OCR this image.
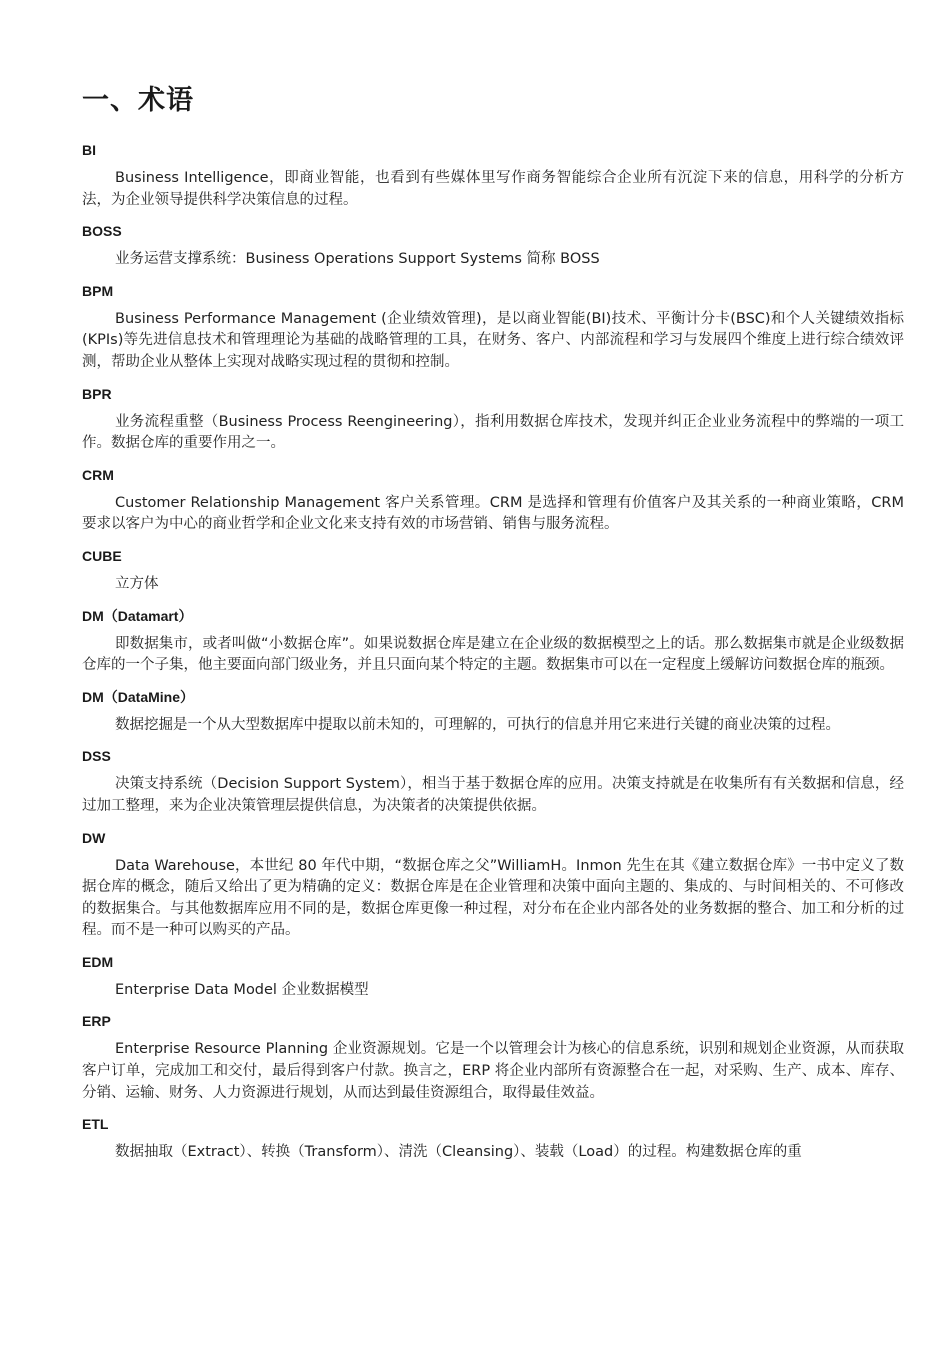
一、术语

BI

Business Intelligence，即商业智能，也看到有些媒体里写作商务智能综合企业所有沉淀下来的信息，用科学的分析方法，为企业领导提供科学决策信息的过程。

BOSS

业务运营支撑系统：Business Operations Support Systems 简称 BOSS

BPM

Business Performance Management (企业绩效管理)，是以商业智能(BI)技术、平衡计分卡(BSC)和个人关键绩效指标(KPIs)等先进信息技术和管理理论为基础的战略管理的工具，在财务、客户、内部流程和学习与发展四个维度上进行综合绩效评测，帮助企业从整体上实现对战略实现过程的贯彻和控制。

BPR

业务流程重整（Business Process Reengineering），指利用数据仓库技术，发现并纠正企业业务流程中的弊端的一项工作。数据仓库的重要作用之一。

CRM

Customer Relationship Management 客户关系管理。CRM 是选择和管理有价值客户及其关系的一种商业策略，CRM 要求以客户为中心的商业哲学和企业文化来支持有效的市场营销、销售与服务流程。

CUBE

立方体

DM（Datamart）

即数据集市，或者叫做“小数据仓库”。如果说数据仓库是建立在企业级的数据模型之上的话。那么数据集市就是企业级数据仓库的一个子集，他主要面向部门级业务，并且只面向某个特定的主题。数据集市可以在一定程度上缓解访问数据仓库的瓶颈。

DM（DataMine）

数据挖掘是一个从大型数据库中提取以前未知的，可理解的，可执行的信息并用它来进行关键的商业决策的过程。

DSS

决策支持系统（Decision Support System），相当于基于数据仓库的应用。决策支持就是在收集所有有关数据和信息，经过加工整理，来为企业决策管理层提供信息，为决策者的决策提供依据。

DW

Data Warehouse，本世纪 80 年代中期，“数据仓库之父”WilliamH。Inmon 先生在其《建立数据仓库》一书中定义了数据仓库的概念，随后又给出了更为精确的定义：数据仓库是在企业管理和决策中面向主题的、集成的、与时间相关的、不可修改的数据集合。与其他数据库应用不同的是，数据仓库更像一种过程，对分布在企业内部各处的业务数据的整合、加工和分析的过程。而不是一种可以购买的产品。

EDM

Enterprise Data Model 企业数据模型

ERP

Enterprise Resource Planning 企业资源规划。它是一个以管理会计为核心的信息系统，识别和规划企业资源，从而获取客户订单，完成加工和交付，最后得到客户付款。换言之，ERP 将企业内部所有资源整合在一起，对采购、生产、成本、库存、分销、运输、财务、人力资源进行规划，从而达到最佳资源组合，取得最佳效益。

ETL

数据抽取（Extract）、转换（Transform）、清洗（Cleansing）、装载（Load）的过程。构建数据仓库的重
